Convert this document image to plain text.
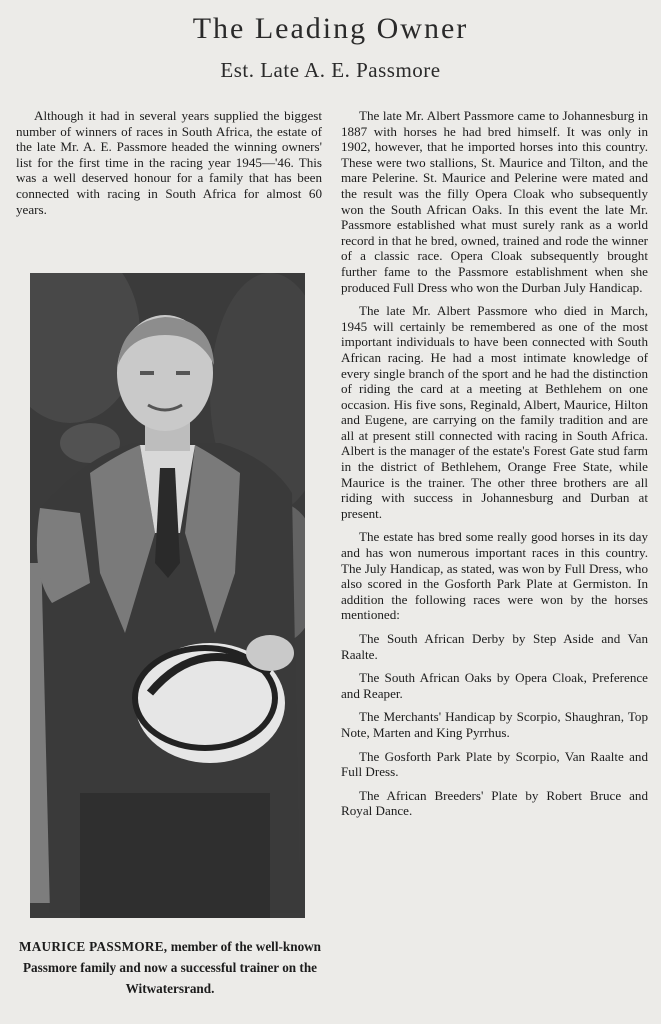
The Leading Owner
Est. Late A. E. Passmore

Although it had in several years supplied the biggest number of winners of races in South Africa, the estate of the late Mr. A. E. Passmore headed the winning owners' list for the first time in the racing year 1945—'46. This was a well deserved honour for a family that has been connected with racing in South Africa for almost 60 years.

MAURICE PASSMORE, member of the well-known Passmore family and now a successful trainer on the Witwatersrand.

The late Mr. Albert Passmore came to Johannesburg in 1887 with horses he had bred himself. It was only in 1902, however, that he imported horses into this country. These were two stallions, St. Maurice and Tilton, and the mare Pelerine. St. Maurice and Pelerine were mated and the result was the filly Opera Cloak who subsequently won the South African Oaks. In this event the late Mr. Passmore established what must surely rank as a world record in that he bred, owned, trained and rode the winner of a classic race. Opera Cloak subsequently brought further fame to the Passmore establishment when she produced Full Dress who won the Durban July Handicap.

The late Mr. Albert Passmore who died in March, 1945 will certainly be remembered as one of the most important individuals to have been connected with South African racing. He had a most intimate knowledge of every single branch of the sport and he had the distinction of riding the card at a meeting at Bethlehem on one occasion. His five sons, Reginald, Albert, Maurice, Hilton and Eugene, are carrying on the family tradition and are all at present still connected with racing in South Africa. Albert is the manager of the estate's Forest Gate stud farm in the district of Bethlehem, Orange Free State, while Maurice is the trainer. The other three brothers are all riding with success in Johannesburg and Durban at present.

The estate has bred some really good horses in its day and has won numerous important races in this country. The July Handicap, as stated, was won by Full Dress, who also scored in the Gosforth Park Plate at Germiston. In addition the following races were won by the horses mentioned:

The South African Derby by Step Aside and Van Raalte.

The South African Oaks by Opera Cloak, Preference and Reaper.

The Merchants' Handicap by Scorpio, Shaughran, Top Note, Marten and King Pyrrhus.

The Gosforth Park Plate by Scorpio, Van Raalte and Full Dress.

The African Breeders' Plate by Robert Bruce and Royal Dance.
